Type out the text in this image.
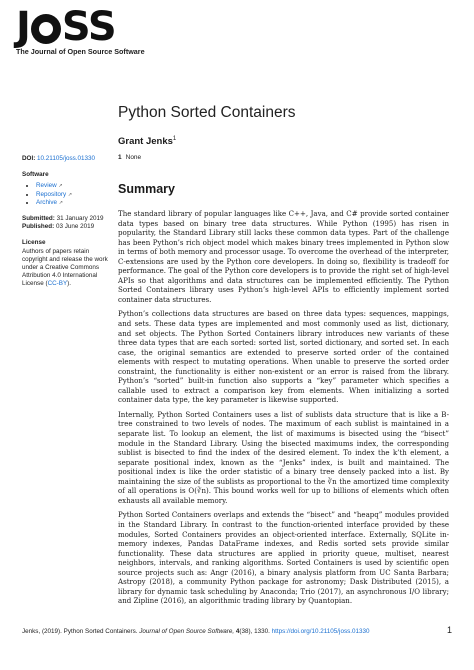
J SS
The Journal of Open Source Software
Python Sorted Containers
Grant Jenks$^1$
1 None
DOI: 10.21105/joss.01330
Software
• Review ↗
• Repository ↗
• Archive ↗
Submitted: 31 January 2019
Published: 03 June 2019
License
Authors of papers retain copyright and release the work under a Creative Commons Attribution 4.0 International License (CC-BY).
Summary

The standard library of popular languages like C++, Java, and C# provide sorted container data types based on binary tree data structures. While Python (1995) has risen in popularity, the Standard Library still lacks these common data types. Part of the challenge has been Python’s rich object model which makes binary trees implemented in Python slow in terms of both memory and processor usage. To overcome the overhead of the interpreter, C-extensions are used by the Python core developers. In doing so, flexibility is tradeoff for performance. The goal of the Python core developers is to provide the right set of high-level APIs so that algorithms and data structures can be implemented efficiently. The Python Sorted Containers library uses Python’s high-level APIs to efficiently implement sorted container data structures.

Python’s collections data structures are based on three data types: sequences, mappings, and sets. These data types are implemented and most commonly used as list, dictionary, and set objects. The Python Sorted Containers library introduces new variants of these three data types that are each sorted: sorted list, sorted dictionary, and sorted set. In each case, the original semantics are extended to preserve sorted order of the contained elements with respect to mutating operations. When unable to preserve the sorted order constraint, the functionality is either non-existent or an error is raised from the library. Python’s “sorted” built-in function also supports a “key” parameter which specifies a callable used to extract a comparison key from elements. When initializing a sorted container data type, the key parameter is likewise supported.

Internally, Python Sorted Containers uses a list of sublists data structure that is like a B-tree constrained to two levels of nodes. The maximum of each sublist is maintained in a separate list. To lookup an element, the list of maximums is bisected using the “bisect” module in the Standard Library. Using the bisected maximums index, the corresponding sublist is bisected to find the index of the desired element. To index the k’th element, a separate positional index, known as the “Jenks” index, is built and maintained. The positional index is like the order statistic of a binary tree densely packed into a list. By maintaining the size of the sublists as proportional to the ∛n the amortized time complexity of all operations is O(∛n). This bound works well for up to billions of elements which often exhausts all available memory.

Python Sorted Containers overlaps and extends the “bisect” and “heapq” modules provided in the Standard Library. In contrast to the function-oriented interface provided by these modules, Sorted Containers provides an object-oriented interface. Externally, SQLite in-memory indexes, Pandas DataFrame indexes, and Redis sorted sets provide similar functionality. These data structures are applied in priority queue, multiset, nearest neighbors, intervals, and ranking algorithms. Sorted Containers is used by scientific open source projects such as: Angr (2016), a binary analysis platform from UC Santa Barbara; Astropy (2018), a community Python package for astronomy; Dask Distributed (2015), a library for dynamic task scheduling by Anaconda; Trio (2017), an asynchronous I/O library; and Zipline (2016), an algorithmic trading library by Quantopian.

Jenks, (2019). Python Sorted Containers. Journal of Open Source Software, 4(38), 1330. https://doi.org/10.21105/joss.01330	1
